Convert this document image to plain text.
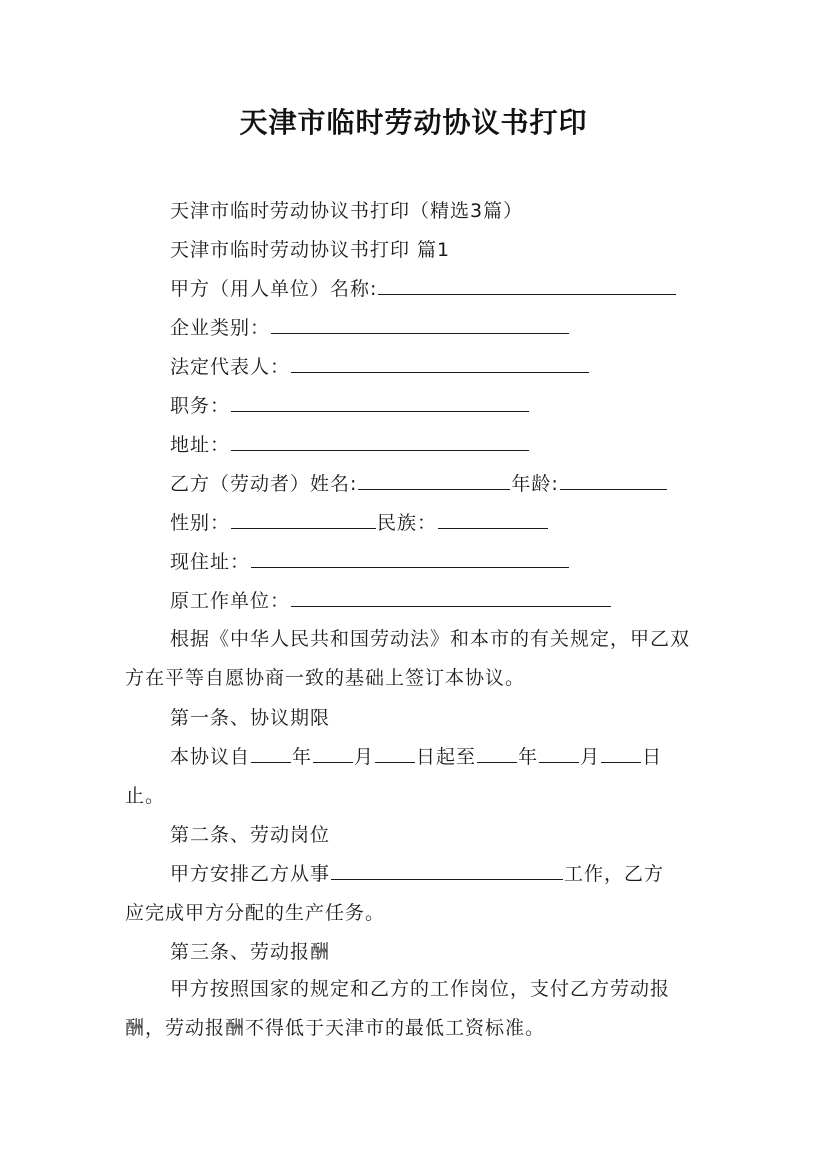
天津市临时劳动协议书打印
天津市临时劳动协议书打印（精选3篇）
天津市临时劳动协议书打印 篇1
甲方（用人单位）名称:
企业类别：
法定代表人：
职务：
地址：
乙方（劳动者）姓名:	年龄:
性别：	民族：
现住址：
原工作单位：
根据《中华人民共和国劳动法》和本市的有关规定，甲乙双方在平等自愿协商一致的基础上签订本协议。
第一条、协议期限
本协议自 年 月 日起至 年 月 日
止。
第二条、劳动岗位
甲方安排乙方从事	工作，乙方
应完成甲方分配的生产任务。
第三条、劳动报酬
甲方按照国家的规定和乙方的工作岗位，支付乙方劳动报酬，劳动报酬不得低于天津市的最低工资标准。
